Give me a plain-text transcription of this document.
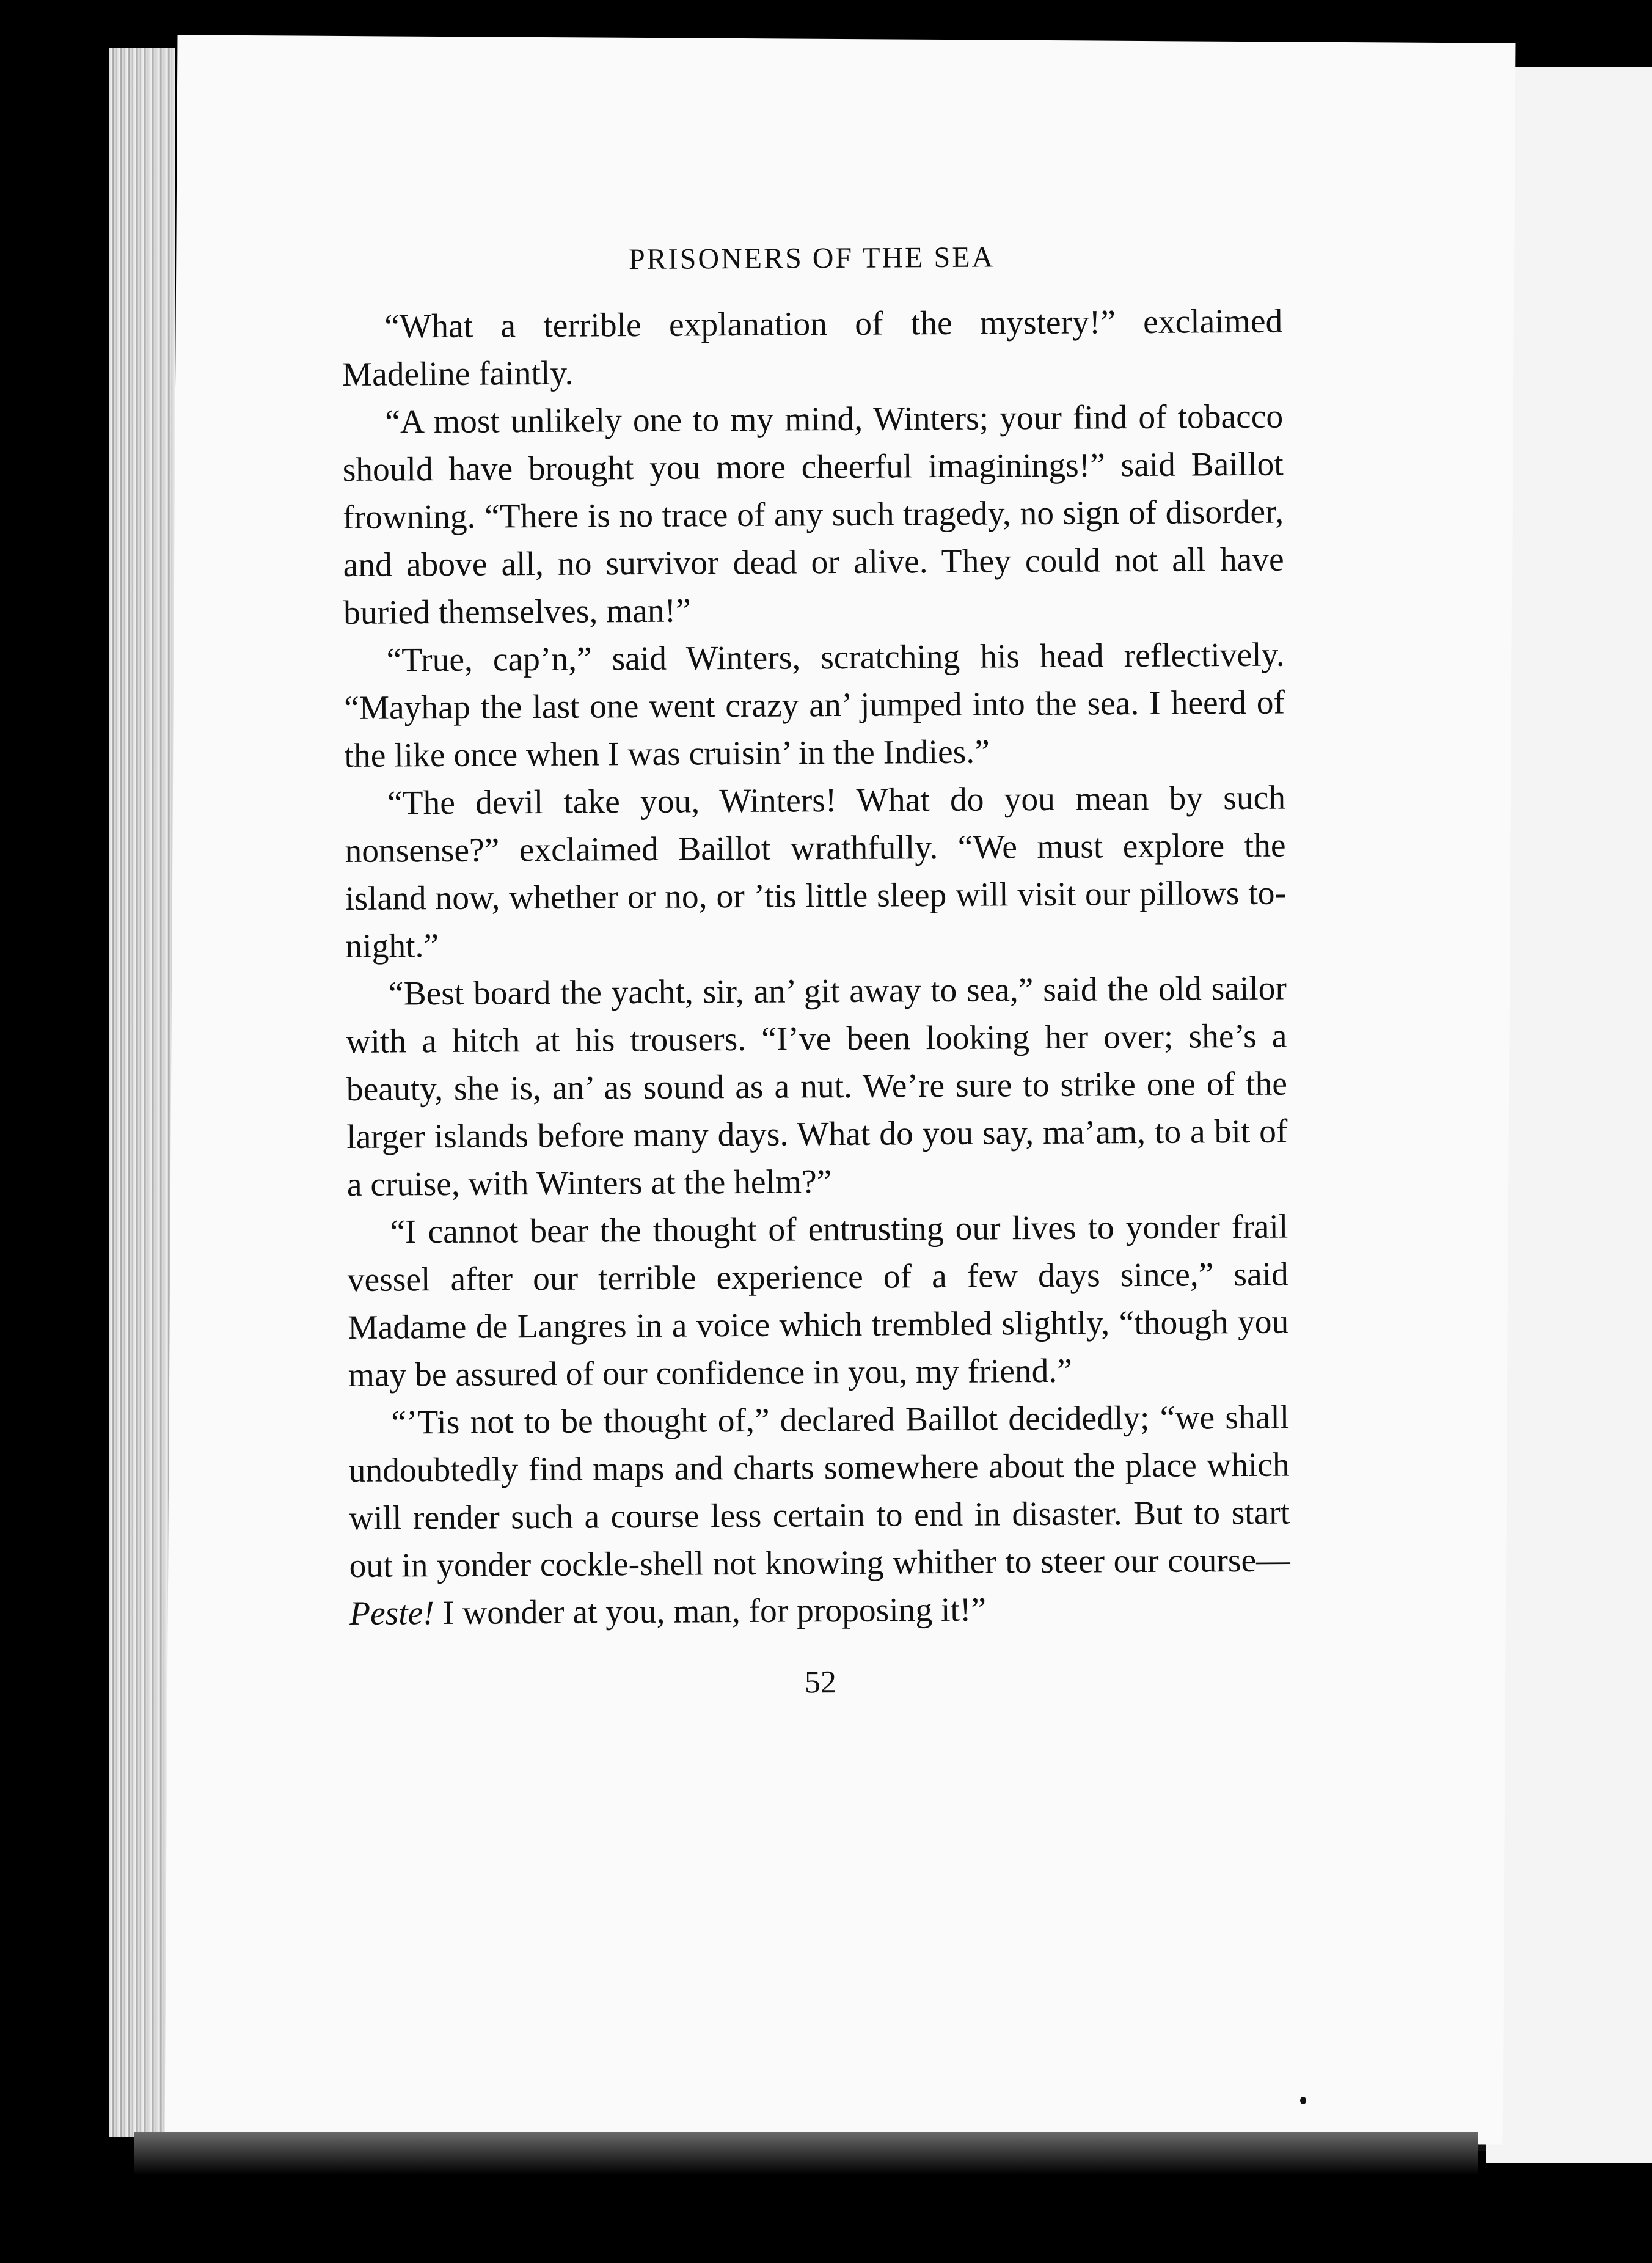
PRISONERS OF THE SEA

“What a terrible explanation of the mystery!” exclaimed Madeline faintly.

“A most unlikely one to my mind, Winters; your find of tobacco should have brought you more cheerful imaginings!” said Baillot frowning. “There is no trace of any such tragedy, no sign of disorder, and above all, no survivor dead or alive. They could not all have buried themselves, man!”

“True, cap’n,” said Winters, scratching his head reflectively. “Mayhap the last one went crazy an’ jumped into the sea. I heerd of the like once when I was cruisin’ in the Indies.”

“The devil take you, Winters! What do you mean by such nonsense?” exclaimed Baillot wrathfully. “We must explore the island now, whether or no, or ’tis little sleep will visit our pillows to-night.”

“Best board the yacht, sir, an’ git away to sea,” said the old sailor with a hitch at his trousers. “I’ve been looking her over; she’s a beauty, she is, an’ as sound as a nut. We’re sure to strike one of the larger islands before many days. What do you say, ma’am, to a bit of a cruise, with Winters at the helm?”

“I cannot bear the thought of entrusting our lives to yonder frail vessel after our terrible experience of a few days since,” said Madame de Langres in a voice which trembled slightly, “though you may be assured of our confidence in you, my friend.”

“’Tis not to be thought of,” declared Baillot decidedly; “we shall undoubtedly find maps and charts somewhere about the place which will render such a course less certain to end in disaster. But to start out in yonder cockle-shell not knowing whither to steer our course—Peste! I wonder at you, man, for proposing it!”

52
